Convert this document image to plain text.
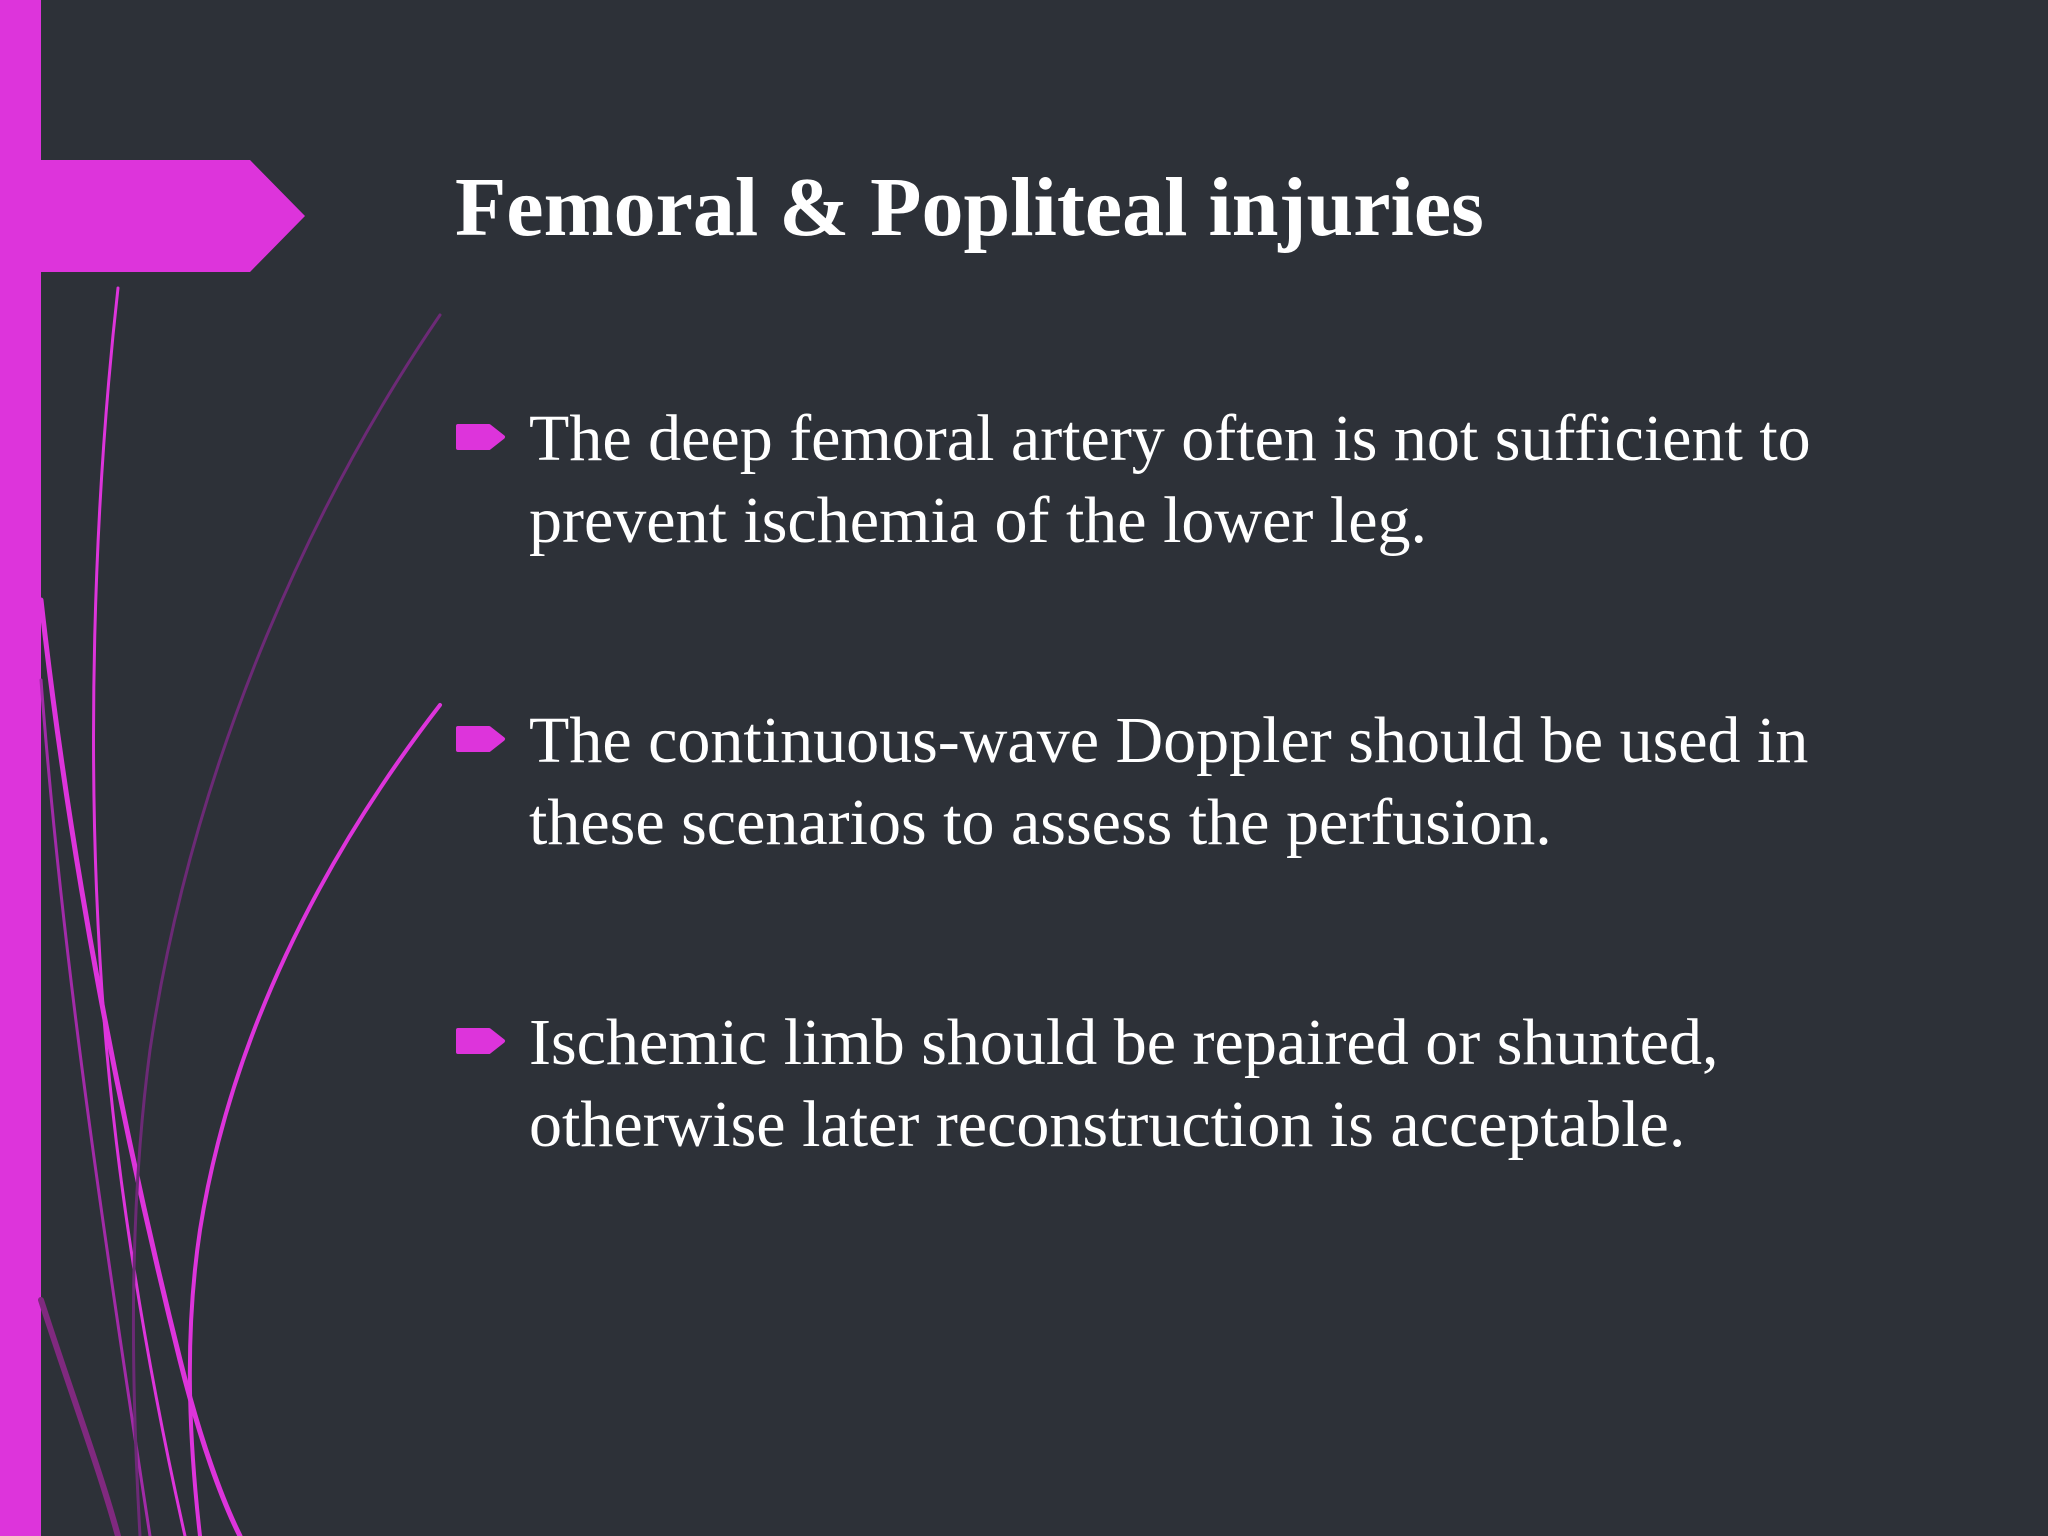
Femoral & Popliteal injuries
The deep femoral artery often is not sufficient to prevent ischemia of the lower leg.
The continuous-wave Doppler should be used in these scenarios to assess the perfusion.
Ischemic limb should be repaired or shunted, otherwise later reconstruction is acceptable.
